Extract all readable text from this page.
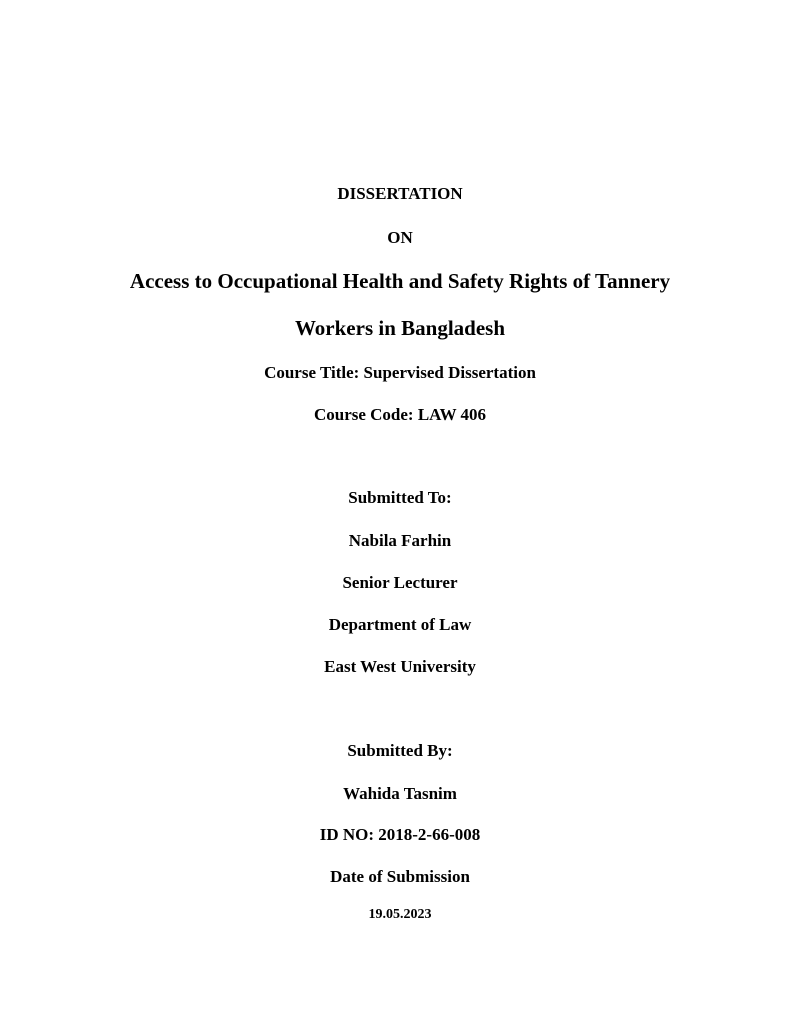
DISSERTATION
ON
Access to Occupational Health and Safety Rights of Tannery
Workers in Bangladesh
Course Title: Supervised Dissertation
Course Code: LAW 406
Submitted To:
Nabila Farhin
Senior Lecturer
Department of Law
East West University
Submitted By:
Wahida Tasnim
ID NO: 2018-2-66-008
Date of Submission
19.05.2023
